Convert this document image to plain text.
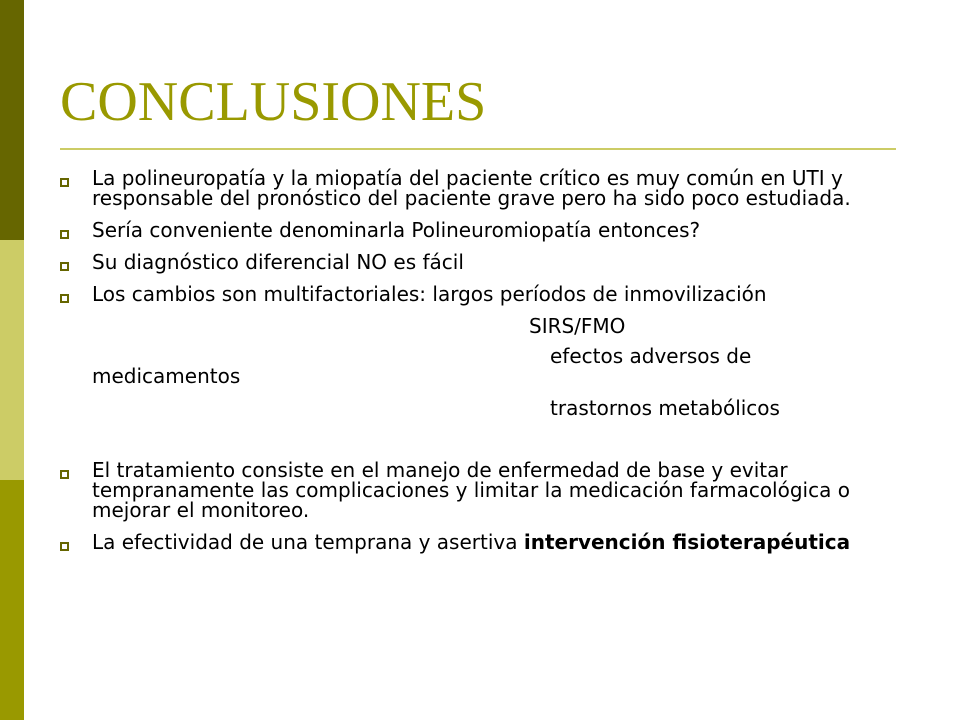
CONCLUSIONES
La polineuropatía y la miopatía del paciente crítico es muy común en UTI y responsable del pronóstico del paciente grave pero ha sido poco estudiada.
Sería conveniente denominarla Polineuromiopatía entonces?
Su diagnóstico diferencial NO es fácil
Los cambios son multifactoriales: largos períodos de inmovilización
SIRS/FMO
efectos adversos de
medicamentos
trastornos metabólicos
El tratamiento consiste en el manejo de enfermedad de base y evitar tempranamente las complicaciones y limitar la medicación farmacológica o mejorar el monitoreo.
La efectividad de una temprana y asertiva intervención fisioterapéutica
